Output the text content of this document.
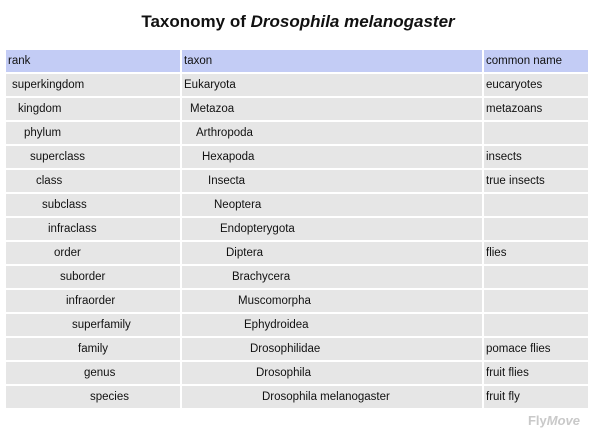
Taxonomy of Drosophila melanogaster
rank	taxon	common name
superkingdom	Eukaryota	eucaryotes
kingdom	Metazoa	metazoans
phylum	Arthropoda	
superclass	Hexapoda	insects
class	Insecta	true insects
subclass	Neoptera	
infraclass	Endopterygota	
order	Diptera	flies
suborder	Brachycera	
infraorder	Muscomorpha	
superfamily	Ephydroidea	
family	Drosophilidae	pomace flies
genus	Drosophila	fruit flies
species	Drosophila melanogaster	fruit fly
FlyMove
